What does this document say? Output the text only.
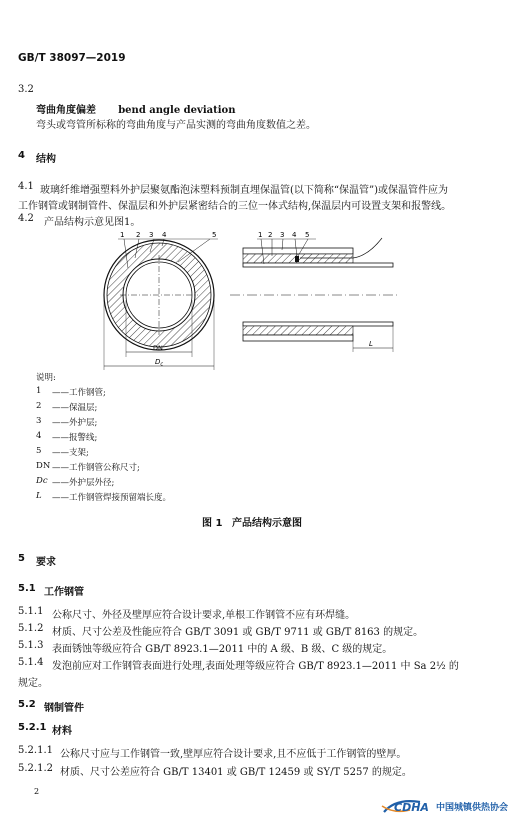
GB/T 38097—2019
3.2
弯曲角度偏差 bend angle deviation
弯头或弯管所标称的弯曲角度与产品实测的弯曲角度数值之差。
4 结构
4.1 玻璃纤维增强塑料外护层聚氨酯泡沫塑料预制直埋保温管(以下简称“保温管”)或保温管件应为
工作钢管或钢制管件、保温层和外护层紧密结合的三位一体式结构,保温层内可设置支架和报警线。
4.2 产品结构示意见图1。
1 2 3 4	5
DN
$D_c$
1 2 3 4 5
L
说明:
1 ——工作钢管;
2 ——保温层;
3 ——外护层;
4 ——报警线;
5 ——支架;
DN ——工作钢管公称尺寸;
Dc ——外护层外径;
L ——工作钢管焊接预留端长度。
图 1 产品结构示意图
5 要求
5.1 工作钢管
5.1.1 公称尺寸、外径及壁厚应符合设计要求,单根工作钢管不应有环焊缝。
5.1.2 材质、尺寸公差及性能应符合 GB/T 3091 或 GB/T 9711 或 GB/T 8163 的规定。
5.1.3 表面锈蚀等级应符合 GB/T 8923.1—2011 中的 A 级、B 级、C 级的规定。
5.1.4 发泡前应对工作钢管表面进行处理,表面处理等级应符合 GB/T 8923.1—2011 中 Sa 2½ 的
规定。
5.2 钢制管件
5.2.1 材料
5.2.1.1 公称尺寸应与工作钢管一致,壁厚应符合设计要求,且不应低于工作钢管的壁厚。
5.2.1.2 材质、尺寸公差应符合 GB/T 13401 或 GB/T 12459 或 SY/T 5257 的规定。
2
CDHA 中国城镇供热协会
